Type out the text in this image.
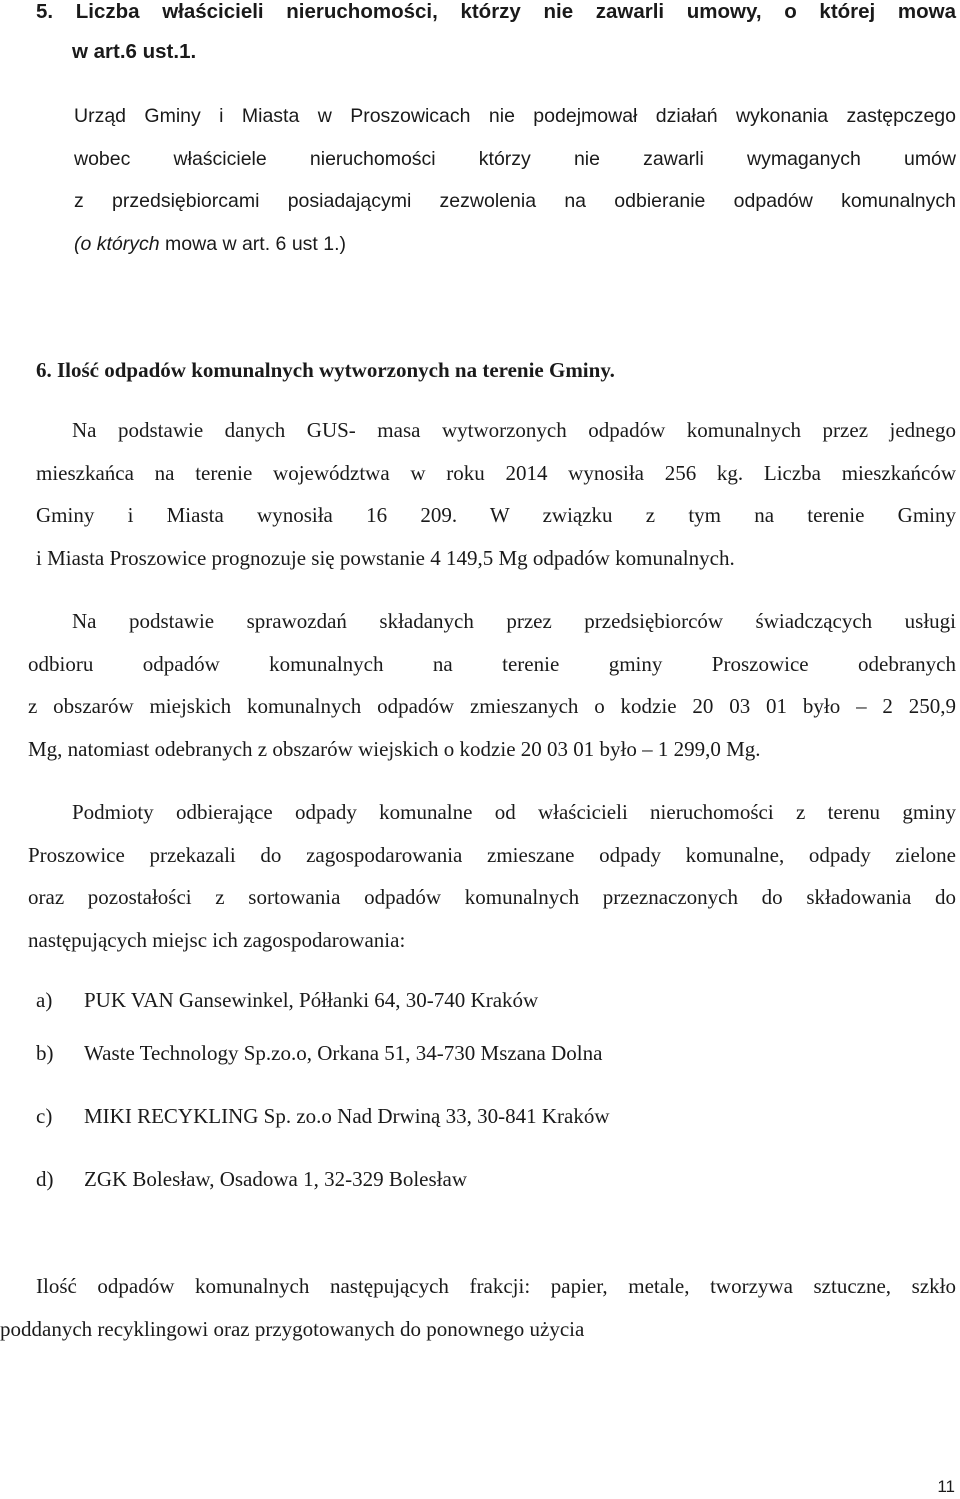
5. Liczba właścicieli nieruchomości, którzy nie zawarli umowy, o której mowa
w art.6 ust.1.
Urząd Gminy i Miasta w Proszowicach nie podejmował działań wykonania zastępczego
wobec właściciele nieruchomości którzy nie zawarli wymaganych umów
z przedsiębiorcami posiadającymi zezwolenia na odbieranie odpadów komunalnych
(o których mowa w art. 6 ust 1.)
6. Ilość odpadów komunalnych wytworzonych na terenie Gminy.
Na podstawie danych GUS- masa wytworzonych odpadów komunalnych przez jednego
mieszkańca na terenie województwa w roku 2014 wynosiła 256 kg. Liczba mieszkańców
Gminy i Miasta wynosiła 16 209. W związku z tym na terenie Gminy
i Miasta Proszowice prognozuje się powstanie 4 149,5 Mg odpadów komunalnych.
Na podstawie sprawozdań składanych przez przedsiębiorców świadczących usługi
odbioru odpadów komunalnych na terenie gminy Proszowice odebranych
z obszarów miejskich komunalnych odpadów zmieszanych o kodzie 20 03 01 było – 2 250,9
Mg, natomiast odebranych z obszarów wiejskich o kodzie 20 03 01 było – 1 299,0 Mg.
Podmioty odbierające odpady komunalne od właścicieli nieruchomości z terenu gminy
Proszowice przekazali do zagospodarowania zmieszane odpady komunalne, odpady zielone
oraz pozostałości z sortowania odpadów komunalnych przeznaczonych do składowania do
następujących miejsc ich zagospodarowania:
a) PUK VAN Gansewinkel, Półłanki 64, 30-740 Kraków
b) Waste Technology Sp.zo.o, Orkana 51, 34-730 Mszana Dolna
c) MIKI RECYKLING Sp. zo.o Nad Drwiną 33, 30-841 Kraków
d) ZGK Bolesław, Osadowa 1, 32-329 Bolesław
Ilość odpadów komunalnych następujących frakcji: papier, metale, tworzywa sztuczne, szkło
poddanych recyklingowi oraz przygotowanych do ponownego użycia
11
